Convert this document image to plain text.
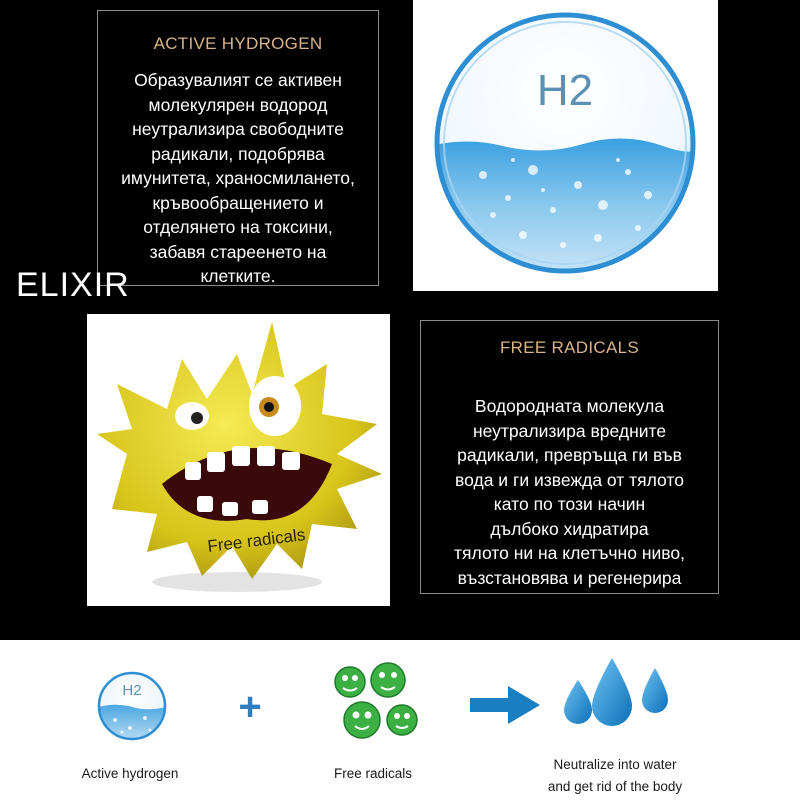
ACTIVE HYDROGEN
Образувалият се активен
молекулярен водород
неутрализира свободните
радикали, подобрява
имунитета, храносмилането,
кръвообращението и
отделянето на токсини,
забавя стареенето на
клетките.
H2
ELIXIR
Free radicals
FREE RADICALS
Водородната молекула
неутрализира вредните
радикали, превръща ги във
вода и ги извежда от тялото
като по този начин
дълбоко хидратира
тялото ни на клетъчно ниво,
възстановява и регенерира
H2 +
Active hydrogen	Free radicals
Neutralize into water
and get rid of the body
